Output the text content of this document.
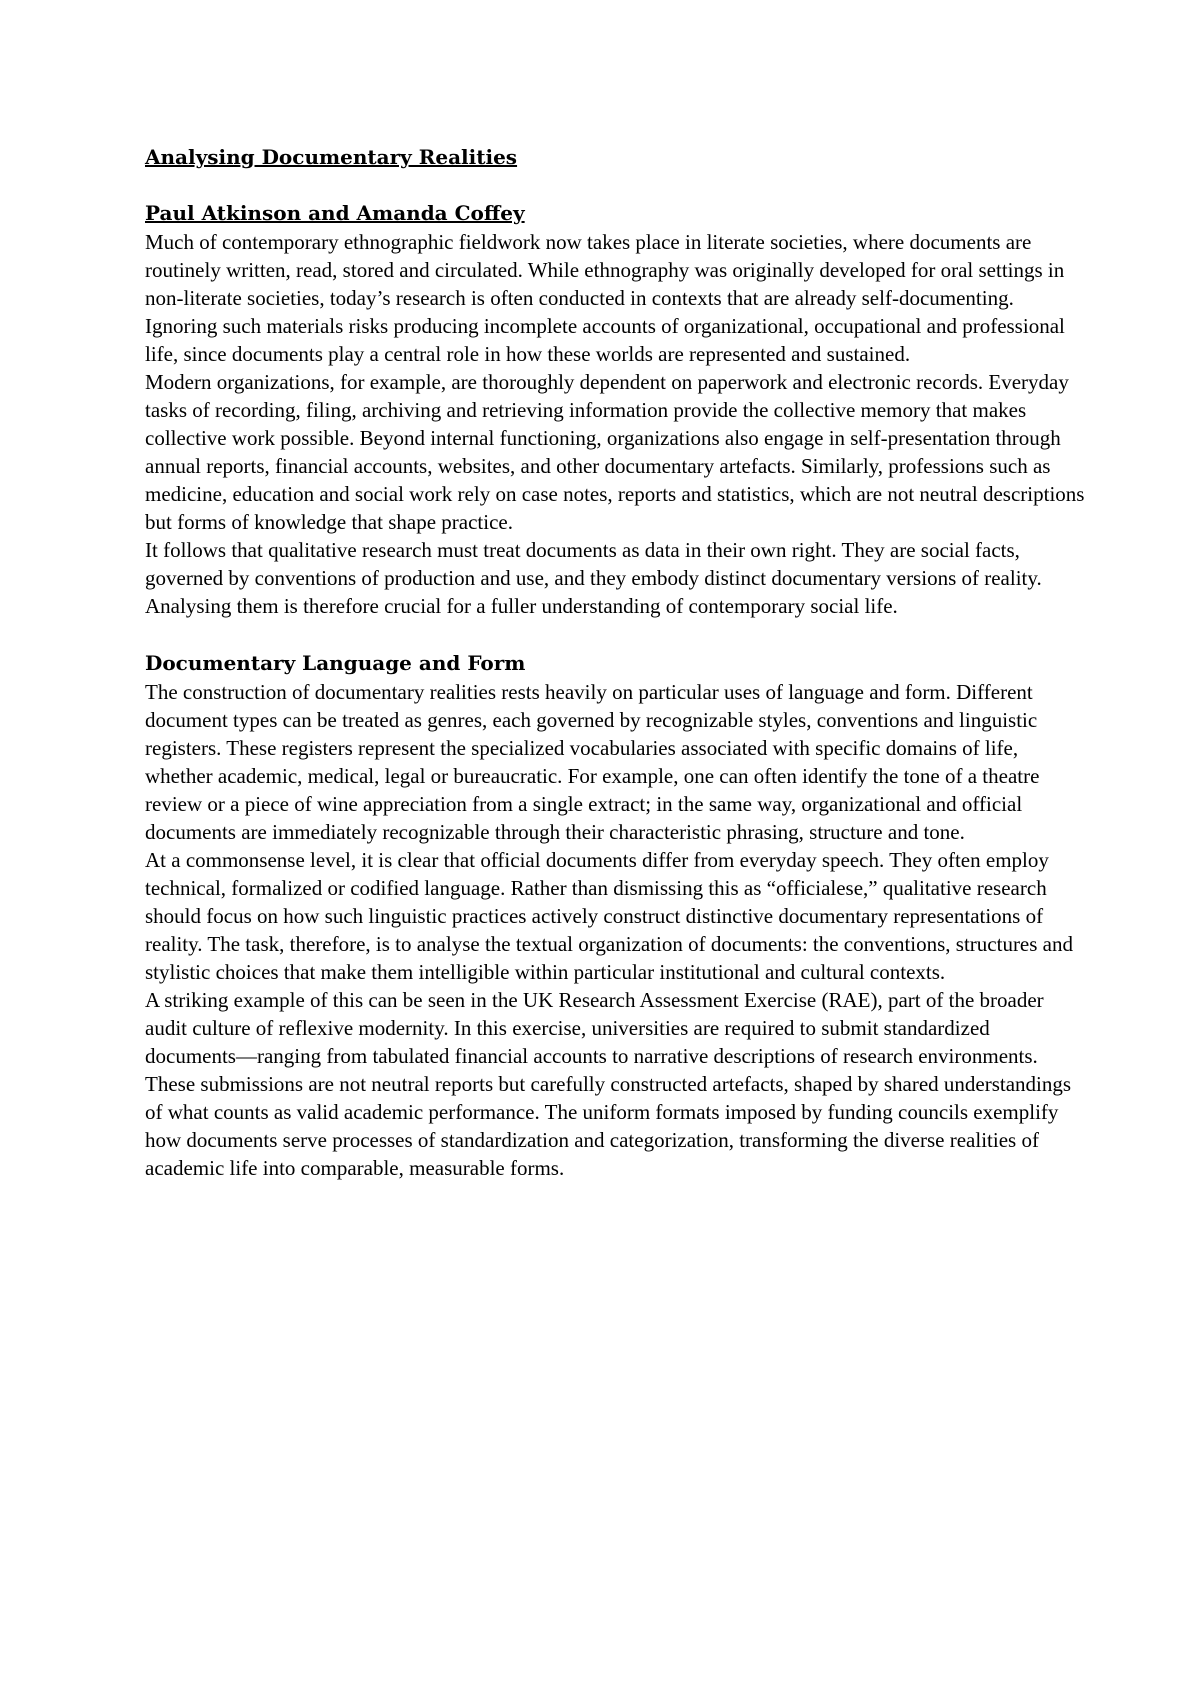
Analysing Documentary Realities
Paul Atkinson and Amanda Coffey

Much of contemporary ethnographic fieldwork now takes place in literate societies, where documents are routinely written, read, stored and circulated. While ethnography was originally developed for oral settings in non-literate societies, today’s research is often conducted in contexts that are already self-documenting. Ignoring such materials risks producing incomplete accounts of organizational, occupational and professional life, since documents play a central role in how these worlds are represented and sustained.

Modern organizations, for example, are thoroughly dependent on paperwork and electronic records. Everyday tasks of recording, filing, archiving and retrieving information provide the collective memory that makes collective work possible. Beyond internal functioning, organizations also engage in self-presentation through annual reports, financial accounts, websites, and other documentary artefacts. Similarly, professions such as medicine, education and social work rely on case notes, reports and statistics, which are not neutral descriptions but forms of knowledge that shape practice.

It follows that qualitative research must treat documents as data in their own right. They are social facts, governed by conventions of production and use, and they embody distinct documentary versions of reality. Analysing them is therefore crucial for a fuller understanding of contemporary social life.

Documentary Language and Form

The construction of documentary realities rests heavily on particular uses of language and form. Different document types can be treated as genres, each governed by recognizable styles, conventions and linguistic registers. These registers represent the specialized vocabularies associated with specific domains of life, whether academic, medical, legal or bureaucratic. For example, one can often identify the tone of a theatre review or a piece of wine appreciation from a single extract; in the same way, organizational and official documents are immediately recognizable through their characteristic phrasing, structure and tone.

At a commonsense level, it is clear that official documents differ from everyday speech. They often employ technical, formalized or codified language. Rather than dismissing this as “officialese,” qualitative research should focus on how such linguistic practices actively construct distinctive documentary representations of reality. The task, therefore, is to analyse the textual organization of documents: the conventions, structures and stylistic choices that make them intelligible within particular institutional and cultural contexts.

A striking example of this can be seen in the UK Research Assessment Exercise (RAE), part of the broader audit culture of reflexive modernity. In this exercise, universities are required to submit standardized documents—ranging from tabulated financial accounts to narrative descriptions of research environments. These submissions are not neutral reports but carefully constructed artefacts, shaped by shared understandings of what counts as valid academic performance. The uniform formats imposed by funding councils exemplify how documents serve processes of standardization and categorization, transforming the diverse realities of academic life into comparable, measurable forms.
